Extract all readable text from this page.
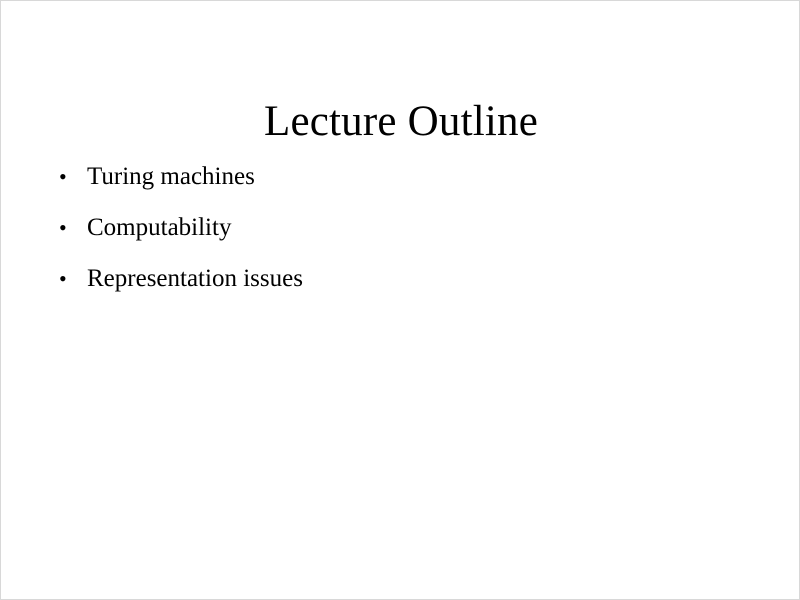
Lecture Outline
• Turing machines
• Computability
• Representation issues
